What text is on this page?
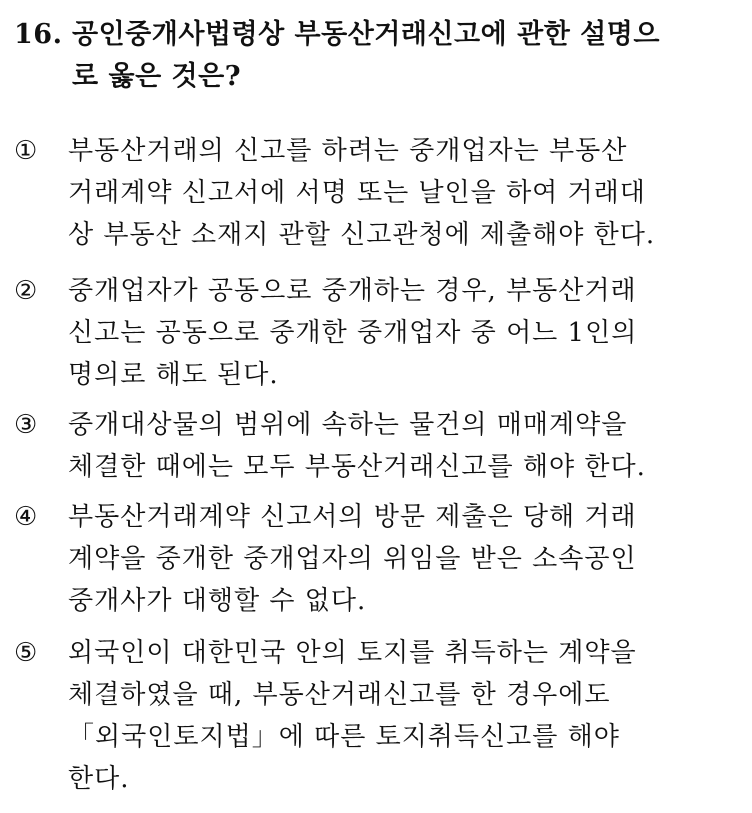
16. 공인중개사법령상 부동산거래신고에 관한 설명으
로 옳은 것은?
①	부동산거래의 신고를 하려는 중개업자는 부동산
거래계약 신고서에 서명 또는 날인을 하여 거래대
상 부동산 소재지 관할 신고관청에 제출해야 한다.
②	중개업자가 공동으로 중개하는 경우, 부동산거래
신고는 공동으로 중개한 중개업자 중 어느 1인의
명의로 해도 된다.
③	중개대상물의 범위에 속하는 물건의 매매계약을
체결한 때에는 모두 부동산거래신고를 해야 한다.
④	부동산거래계약 신고서의 방문 제출은 당해 거래
계약을 중개한 중개업자의 위임을 받은 소속공인
중개사가 대행할 수 없다.
⑤	외국인이 대한민국 안의 토지를 취득하는 계약을
체결하였을 때, 부동산거래신고를 한 경우에도
「외국인토지법」에 따른 토지취득신고를 해야
한다.
